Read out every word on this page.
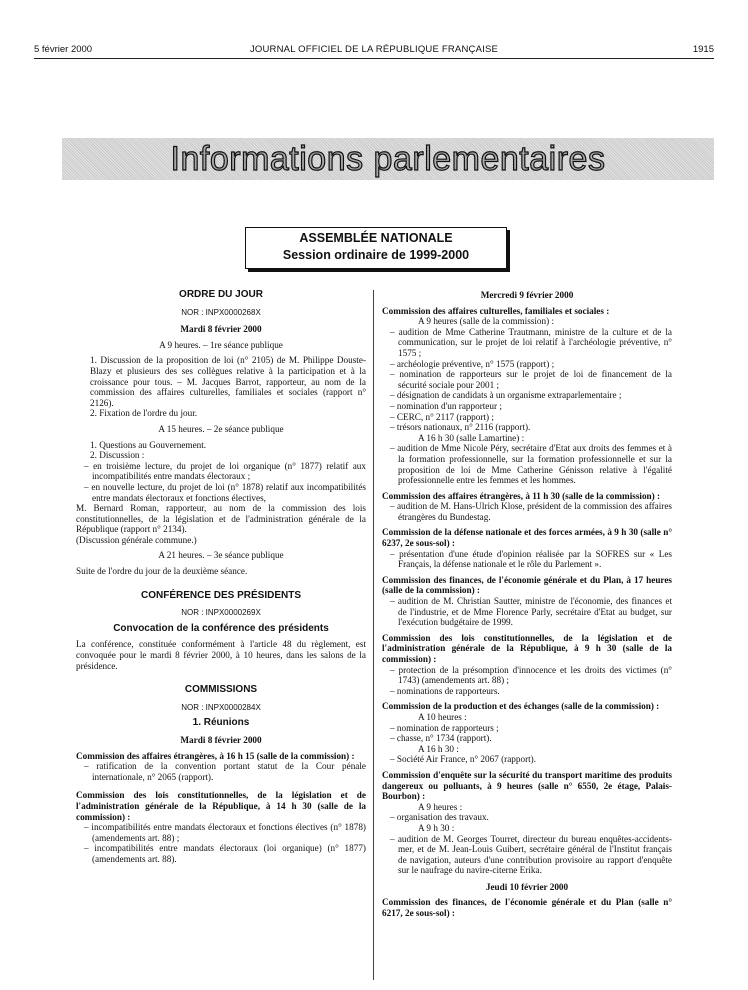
5 février 2000	JOURNAL OFFICIEL DE LA RÉPUBLIQUE FRANÇAISE	1915
Informations parlementaires
ASSEMBLÉE NATIONALE
Session ordinaire de 1999-2000
ORDRE DU JOUR
NOR : INPX0000268X
Mardi 8 février 2000
A 9 heures. – 1re séance publique

1. Discussion de la proposition de loi (n° 2105) de M. Philippe Douste-Blazy et plusieurs des ses collègues relative à la participation et à la croissance pour tous. – M. Jacques Barrot, rapporteur, au nom de la commission des affaires culturelles, familiales et sociales (rapport n° 2126).

2. Fixation de l'ordre du jour.

A 15 heures. – 2e séance publique

1. Questions au Gouvernement.

2. Discussion :

– en troisième lecture, du projet de loi organique (n° 1877) relatif aux incompatibilités entre mandats électoraux ;

– en nouvelle lecture, du projet de loi (n° 1878) relatif aux incompatibilités entre mandats électoraux et fonctions électives,

M. Bernard Roman, rapporteur, au nom de la commission des lois constitutionnelles, de la législation et de l'administration générale de la République (rapport n° 2134).

(Discussion générale commune.)

A 21 heures. – 3e séance publique

Suite de l'ordre du jour de la deuxième séance.

CONFÉRENCE DES PRÉSIDENTS
NOR : INPX0000269X
Convocation de la conférence des présidents

La conférence, constituée conformément à l'article 48 du règlement, est convoquée pour le mardi 8 février 2000, à 10 heures, dans les salons de la présidence.

COMMISSIONS
NOR : INPX0000284X
1. Réunions
Mardi 8 février 2000

Commission des affaires étrangères, à 16 h 15 (salle de la commission) :

– ratification de la convention portant statut de la Cour pénale internationale, n° 2065 (rapport).

Commission des lois constitutionnelles, de la législation et de l'administration générale de la République, à 14 h 30 (salle de la commission) :

– incompatibilités entre mandats électoraux et fonctions électives (n° 1878) (amendements art. 88) ;

– incompatibilités entre mandats électoraux (loi organique) (n° 1877) (amendements art. 88).

Mercredi 9 février 2000

Commission des affaires culturelles, familiales et sociales :

A 9 heures (salle de la commission) :

– audition de Mme Catherine Trautmann, ministre de la culture et de la communication, sur le projet de loi relatif à l'archéologie préventive, n° 1575 ;

– archéologie préventive, n° 1575 (rapport) ;

– nomination de rapporteurs sur le projet de loi de financement de la sécurité sociale pour 2001 ;

– désignation de candidats à un organisme extraparlementaire ;

– nomination d'un rapporteur ;

– CERC, n° 2117 (rapport) ;

– trésors nationaux, n° 2116 (rapport).

A 16 h 30 (salle Lamartine) :

– audition de Mme Nicole Péry, secrétaire d'Etat aux droits des femmes et à la formation professionnelle, sur la formation professionnelle et sur la proposition de loi de Mme Catherine Génisson relative à l'égalité professionnelle entre les femmes et les hommes.

Commission des affaires étrangères, à 11 h 30 (salle de la commission) :

– audition de M. Hans-Ulrich Klose, président de la commission des affaires étrangères du Bundestag.

Commission de la défense nationale et des forces armées, à 9 h 30 (salle n° 6237, 2e sous-sol) :

– présentation d'une étude d'opinion réalisée par la SOFRES sur « Les Français, la défense nationale et le rôle du Parlement ».

Commission des finances, de l'économie générale et du Plan, à 17 heures (salle de la commission) :

– audition de M. Christian Sautter, ministre de l'économie, des finances et de l'industrie, et de Mme Florence Parly, secrétaire d'Etat au budget, sur l'exécution budgétaire de 1999.

Commission des lois constitutionnelles, de la législation et de l'administration générale de la République, à 9 h 30 (salle de la commission) :

– protection de la présomption d'innocence et les droits des victimes (n° 1743) (amendements art. 88) ;

– nominations de rapporteurs.

Commission de la production et des échanges (salle de la commission) :

A 10 heures :

– nomination de rapporteurs ;

– chasse, n° 1734 (rapport).

A 16 h 30 :

– Société Air France, n° 2067 (rapport).

Commission d'enquête sur la sécurité du transport maritime des produits dangereux ou polluants, à 9 heures (salle n° 6550, 2e étage, Palais-Bourbon) :

A 9 heures :

– organisation des travaux.

A 9 h 30 :

– audition de M. Georges Tourret, directeur du bureau enquêtes-accidents-mer, et de M. Jean-Louis Guibert, secrétaire général de l'Institut français de navigation, auteurs d'une contribution provisoire au rapport d'enquête sur le naufrage du navire-citerne Erika.

Jeudi 10 février 2000

Commission des finances, de l'économie générale et du Plan (salle n° 6217, 2e sous-sol) :
